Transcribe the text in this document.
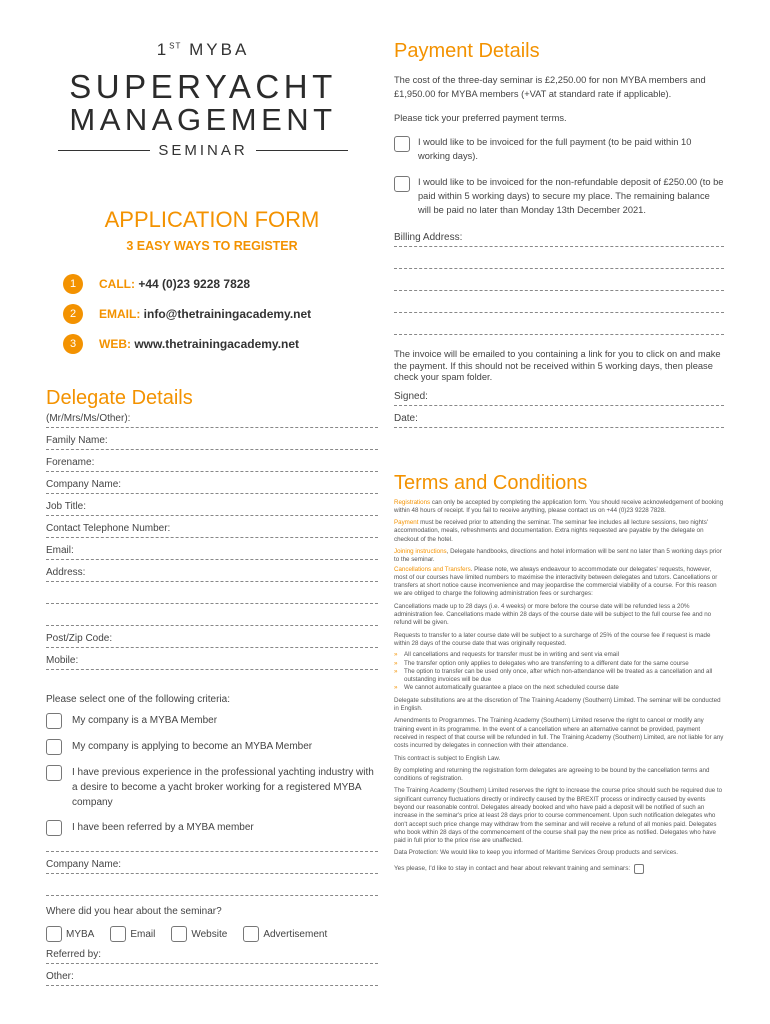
1ST MYBA
SUPERYACHT
MANAGEMENT
SEMINAR
APPLICATION FORM
3 EASY WAYS TO REGISTER
1	CALL: +44 (0)23 9228 7828
2	EMAIL: info@thetrainingacademy.net
3	WEB: www.thetrainingacademy.net
Delegate Details
(Mr/Mrs/Ms/Other):
Family Name:
Forename:
Company Name:
Job Title:
Contact Telephone Number:
Email:
Address:
Post/Zip Code:
Mobile:
Please select one of the following criteria:
My company is a MYBA Member
My company is applying to become an MYBA Member
I have previous experience in the professional yachting industry with a desire to become a yacht broker working for a registered MYBA company
I have been referred by a MYBA member
Company Name:
Where did you hear about the seminar?
MYBA	Email	Website	Advertisement
Referred by:
Other:
Payment Details
The cost of the three-day seminar is £2,250.00 for non MYBA members and £1,950.00 for MYBA members (+VAT at standard rate if applicable).
Please tick your preferred payment terms.
I would like to be invoiced for the full payment (to be paid within 10 working days).
I would like to be invoiced for the non-refundable deposit of £250.00 (to be paid within 5 working days) to secure my place. The remaining balance will be paid no later than Monday 13th December 2021.
Billing Address:
The invoice will be emailed to you containing a link for you to click on and make the payment. If this should not be received within 5 working days, then please check your spam folder.
Signed:
Date:
Terms and Conditions
Registrations can only be accepted by completing the application form. You should receive acknowledgement of booking within 48 hours of receipt. If you fail to receive anything, please contact us on +44 (0)23 9228 7828.
Payment must be received prior to attending the seminar. The seminar fee includes all lecture sessions, two nights' accommodation, meals, refreshments and documentation. Extra nights requested are payable by the delegate on checkout of the hotel.
Joining instructions, Delegate handbooks, directions and hotel information will be sent no later than 5 working days prior to the seminar.
Cancellations and Transfers. Please note, we always endeavour to accommodate our delegates' requests, however, most of our courses have limited numbers to maximise the interactivity between delegates and tutors. Cancellations or transfers at short notice cause inconvenience and may jeopardise the commercial viability of a course. For this reason we are obliged to charge the following administration fees or surcharges:
Cancellations made up to 28 days (i.e. 4 weeks) or more before the course date will be refunded less a 20% administration fee. Cancellations made within 28 days of the course date will be subject to the full course fee and no refund will be given.
Requests to transfer to a later course date will be subject to a surcharge of 25% of the course fee if request is made within 28 days of the course date that was originally requested.
»	All cancellations and requests for transfer must be in writing and sent via email
»	The transfer option only applies to delegates who are transferring to a different date for the same course
»	The option to transfer can be used only once, after which non-attendance will be treated as a cancellation and all outstanding invoices will be due
»	We cannot automatically guarantee a place on the next scheduled course date
Delegate substitutions are at the discretion of The Training Academy (Southern) Limited. The seminar will be conducted in English.
Amendments to Programmes. The Training Academy (Southern) Limited reserve the right to cancel or modify any training event in its programme. In the event of a cancellation where an alternative cannot be provided, payment received in respect of that course will be refunded in full. The Training Academy (Southern) Limited, are not liable for any costs incurred by delegates in connection with their attendance.
This contract is subject to English Law.
By completing and returning the registration form delegates are agreeing to be bound by the cancellation terms and conditions of registration.
The Training Academy (Southern) Limited reserves the right to increase the course price should such be required due to significant currency fluctuations directly or indirectly caused by the BREXIT process or indirectly caused by events beyond our reasonable control. Delegates already booked and who have paid a deposit will be notified of such an increase in the seminar's price at least 28 days prior to course commencement. Upon such notification delegates who don't accept such price change may withdraw from the seminar and will receive a refund of all monies paid. Delegates who book within 28 days of the commencement of the course shall pay the new price as notified. Delegates who have paid in full prior to the price rise are unaffected.
Data Protection: We would like to keep you informed of Maritime Services Group products and services.
Yes please, I'd like to stay in contact and hear about relevant training and seminars:
